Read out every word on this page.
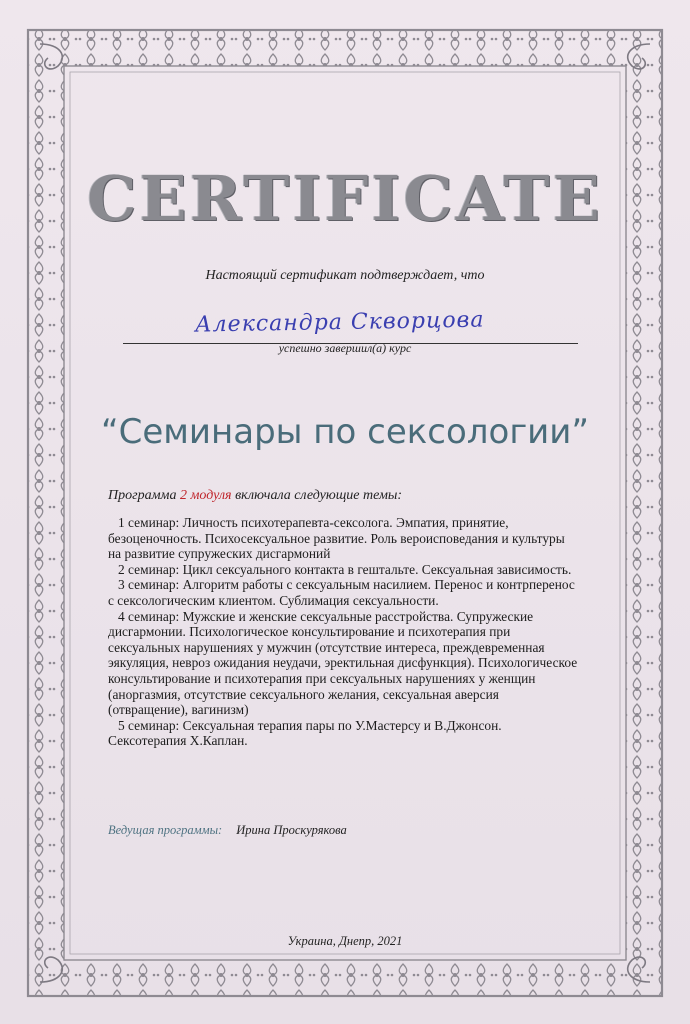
CERTIFICATE
Настоящий сертификат подтверждает, что
Александра Скворцова
успешно завершил(а) курс
“Семинары по сексологии”
Программа 2 модуля включала следующие темы:

1 семинар: Личность психотерапевта-сексолога. Эмпатия, принятие, безоценочность. Психосексуальное развитие. Роль вероисповедания и культуры на развитие супружеских дисгармоний

2 семинар: Цикл сексуального контакта в гештальте. Сексуальная зависимость.

3 семинар: Алгоритм работы с сексуальным насилием. Перенос и контрперенос с сексологическим клиентом. Сублимация сексуальности.

4 семинар: Мужские и женские сексуальные расстройства. Супружеские дисгармонии. Психологическое консультирование и психотерапия при сексуальных нарушениях у мужчин (отсутствие интереса, преждевременная эякуляция, невроз ожидания неудачи, эректильная дисфункция). Психологическое консультирование и психотерапия при сексуальных нарушениях у женщин (аноргазмия, отсутствие сексуального желания, сексуальная аверсия (отвращение), вагинизм)

5 семинар: Сексуальная терапия пары по У.Мастерсу и В.Джонсон. Сексотерапия Х.Каплан.

Ведущая программы: Ирина Проскурякова
Украина, Днепр, 2021
